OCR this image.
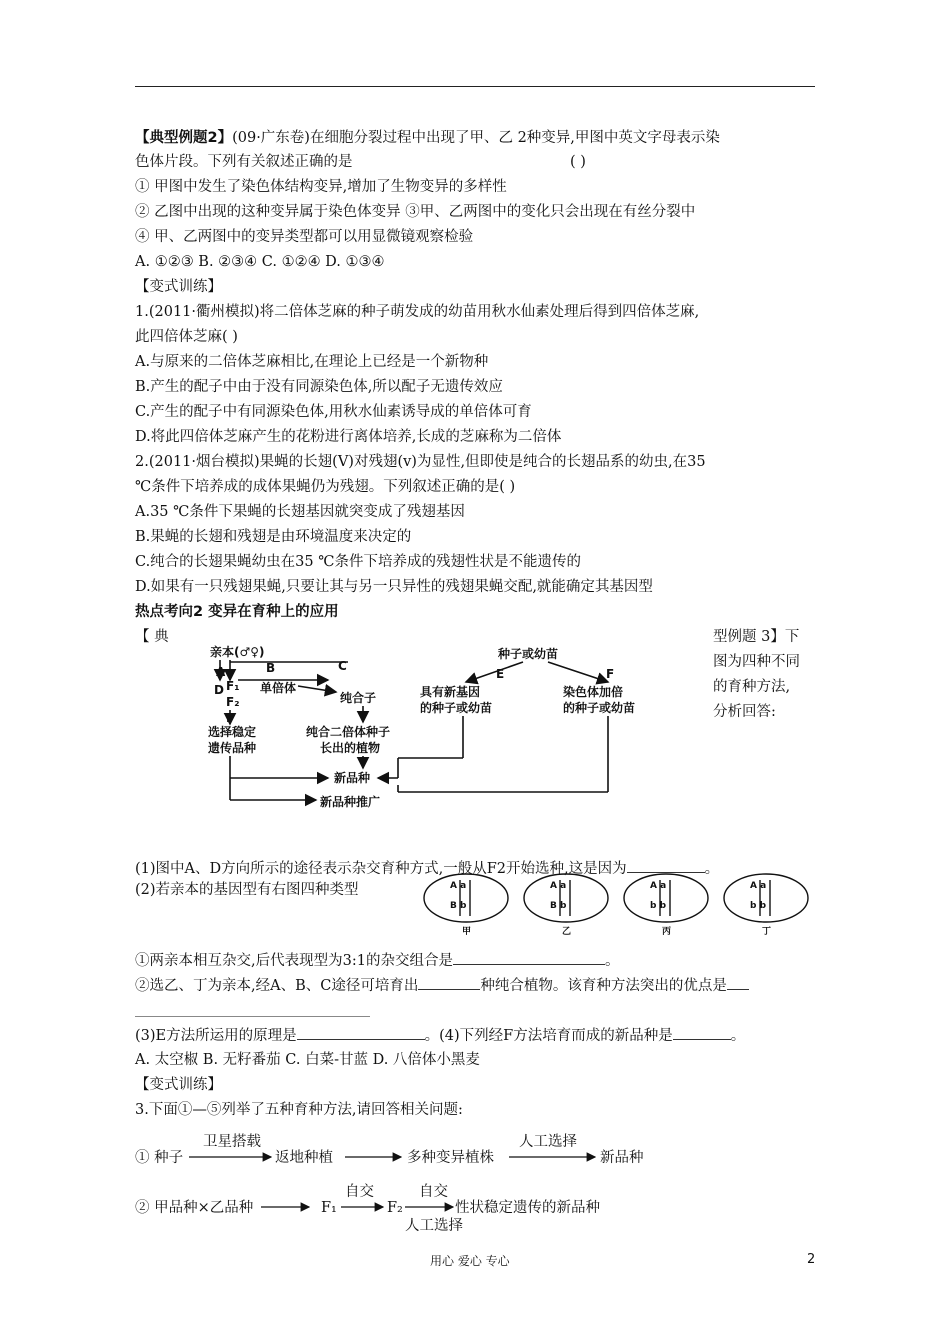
【典型例题2】(09·广东卷)在细胞分裂过程中出现了甲、乙 2种变异,甲图中英文字母表示染
色体片段。下列有关叙述正确的是	( )
① 甲图中发生了染色体结构变异,增加了生物变异的多样性
② 乙图中出现的这种变异属于染色体变异 ③甲、乙两图中的变化只会出现在有丝分裂中
④ 甲、乙两图中的变异类型都可以用显微镜观察检验
A. ①②③ B. ②③④ C. ①②④ D. ①③④
【变式训练】
1.(2011·衢州模拟)将二倍体芝麻的种子萌发成的幼苗用秋水仙素处理后得到四倍体芝麻,
此四倍体芝麻( )
A.与原来的二倍体芝麻相比,在理论上已经是一个新物种
B.产生的配子中由于没有同源染色体,所以配子无遗传效应
C.产生的配子中有同源染色体,用秋水仙素诱导成的单倍体可育
D.将此四倍体芝麻产生的花粉进行离体培养,长成的芝麻称为二倍体
2.(2011·烟台模拟)果蝇的长翅(V)对残翅(v)为显性,但即使是纯合的长翅品系的幼虫,在35
℃条件下培养成的成体果蝇仍为残翅。下列叙述正确的是( )
A.35 ℃条件下果蝇的长翅基因就突变成了残翅基因
B.果蝇的长翅和残翅是由环境温度来决定的
C.纯合的长翅果蝇幼虫在35 ℃条件下培养成的残翅性状是不能遗传的
D.如果有一只残翅果蝇,只要让其与另一只异性的残翅果蝇交配,就能确定其基因型
热点考向2 变异在育种上的应用
【 典	型例题 3】下
图为四种不同
的育种方法,
分析回答:
亲本(♂♀)
A	B	C
F₁
D
F₂
F
单倍体
纯合子
选择稳定
遗传品种
纯合二倍体种子
长出的植物
新品种
新品种推广
种子或幼苗
E	F
具有新基因
的种子或幼苗
染色体加倍
的种子或幼苗
(1)图中A、D方向所示的途径表示杂交育种方式,一般从F2开始选种,这是因为	。
(2)若亲本的基因型有右图四种类型	A a
B b
甲
A a
B b
乙
A a
b b
丙
A a
b b
丁
①两亲本相互杂交,后代表现型为3:1的杂交组合是	。
②选乙、丁为亲本,经A、B、C途径可培育出	种纯合植物。该育种方法突出的优点是
(3)E方法所运用的原理是	。(4)下列经F方法培育而成的新品种是	。
A. 太空椒 B. 无籽番茄 C. 白菜-甘蓝 D. 八倍体小黑麦
【变式训练】
3.下面①—⑤列举了五种育种方法,请回答相关问题:
① 种子
卫星搭载
返地种植	多种变异植株
人工选择
新品种
② 甲品种×乙品种	F₁
自交
F₂
自交
人工选择
性状稳定遗传的新品种
用心 爱心 专心	2
